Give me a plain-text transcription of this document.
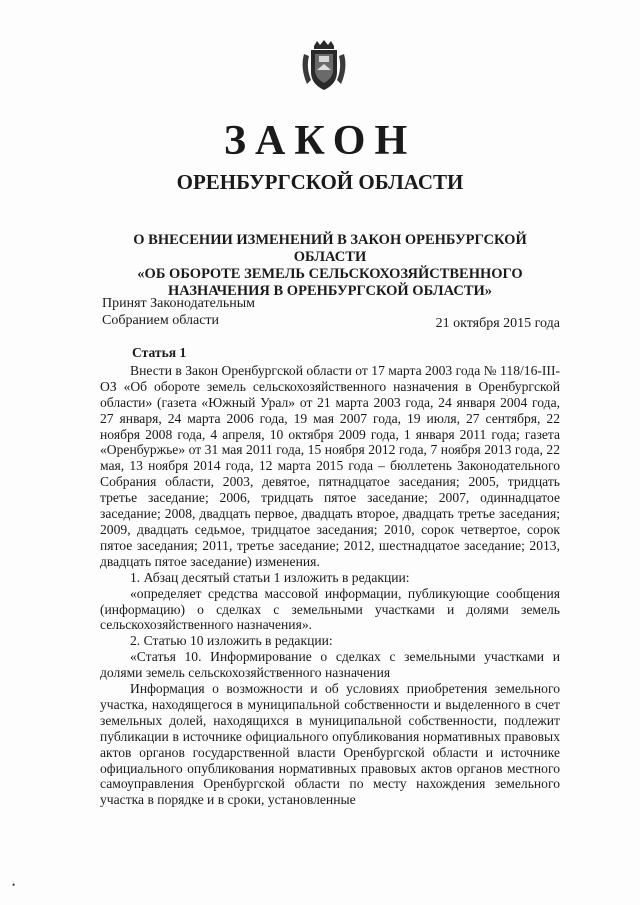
ЗАКОН
ОРЕНБУРГСКОЙ ОБЛАСТИ
О ВНЕСЕНИИ ИЗМЕНЕНИЙ В ЗАКОН ОРЕНБУРГСКОЙ ОБЛАСТИ
«ОБ ОБОРОТЕ ЗЕМЕЛЬ СЕЛЬСКОХОЗЯЙСТВЕННОГО
НАЗНАЧЕНИЯ В ОРЕНБУРГСКОЙ ОБЛАСТИ»
Принят Законодательным
Собранием области	21 октября 2015 года
Статья 1

Внести в Закон Оренбургской области от 17 марта 2003 года № 118/16-III-ОЗ «Об обороте земель сельскохозяйственного назначения в Оренбургской области» (газета «Южный Урал» от 21 марта 2003 года, 24 января 2004 года, 27 января, 24 марта 2006 года, 19 мая 2007 года, 19 июля, 27 сентября, 22 ноября 2008 года, 4 апреля, 10 октября 2009 года, 1 января 2011 года; газета «Оренбуржье» от 31 мая 2011 года, 15 ноября 2012 года, 7 ноября 2013 года, 22 мая, 13 ноября 2014 года, 12 марта 2015 года – бюллетень Законодательного Собрания области, 2003, девятое, пятнадцатое заседания; 2005, тридцать третье заседание; 2006, тридцать пятое заседание; 2007, одиннадцатое заседание; 2008, двадцать первое, двадцать второе, двадцать третье заседания; 2009, двадцать седьмое, тридцатое заседания; 2010, сорок четвертое, сорок пятое заседания; 2011, третье заседание; 2012, шестнадцатое заседание; 2013, двадцать пятое заседание) изменения.

1. Абзац десятый статьи 1 изложить в редакции:

«определяет средства массовой информации, публикующие сообщения (информацию) о сделках с земельными участками и долями земель сельскохозяйственного назначения».

2. Статью 10 изложить в редакции:

«Статья 10. Информирование о сделках с земельными участками и долями земель сельскохозяйственного назначения

Информация о возможности и об условиях приобретения земельного участка, находящегося в муниципальной собственности и выделенного в счет земельных долей, находящихся в муниципальной собственности, подлежит публикации в источнике официального опубликования нормативных правовых актов органов государственной власти Оренбургской области и источнике официального опубликования нормативных правовых актов органов местного самоуправления Оренбургской области по месту нахождения земельного участка в порядке и в сроки, установленные

•
